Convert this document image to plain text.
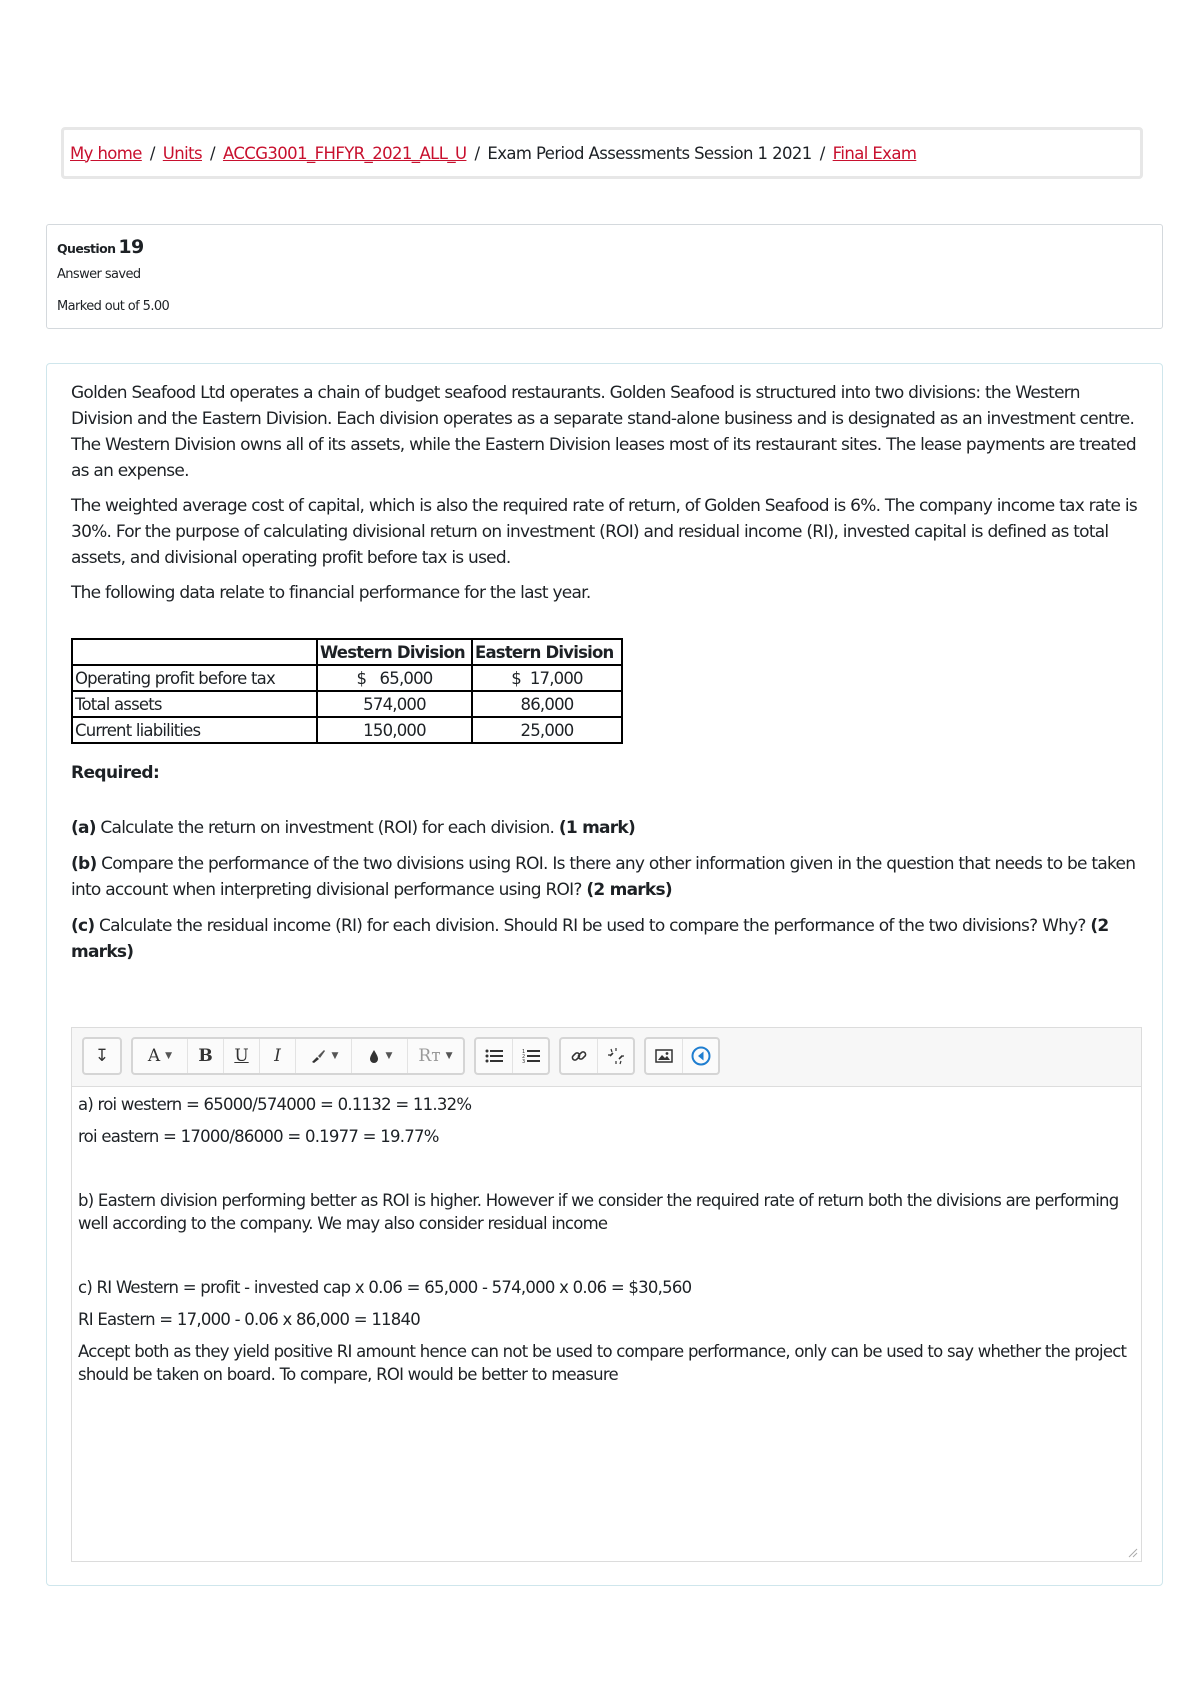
My home / Units / ACCG3001_FHFYR_2021_ALL_U / Exam Period Assessments Session 1 2021 / Final Exam
Question 19
Answer saved
Marked out of 5.00

Golden Seafood Ltd operates a chain of budget seafood restaurants. Golden Seafood is structured into two divisions: the Western Division and the Eastern Division. Each division operates as a separate stand-alone business and is designated as an investment centre. The Western Division owns all of its assets, while the Eastern Division leases most of its restaurant sites. The lease payments are treated as an expense.

The weighted average cost of capital, which is also the required rate of return, of Golden Seafood is 6%. The company income tax rate is 30%. For the purpose of calculating divisional return on investment (ROI) and residual income (RI), invested capital is defined as total assets, and divisional operating profit before tax is used.

The following data relate to financial performance for the last year.

	Western Division	Eastern Division
Operating profit before tax	$   65,000	$  17,000
Total assets	574,000	86,000
Current liabilities	150,000	25,000
Required:

(a) Calculate the return on investment (ROI) for each division. (1 mark)

(b) Compare the performance of the two divisions using ROI. Is there any other information given in the question that needs to be taken into account when interpreting divisional performance using ROI? (2 marks)

(c) Calculate the residual income (RI) for each division. Should RI be used to compare the performance of the two divisions? Why? (2 marks)

↧ A ▼ B U I	▼	▼ Rᴛ ▼	1
2
3

a) roi western = 65000/574000 = 0.1132 = 11.32%

roi eastern = 17000/86000 = 0.1977 = 19.77%

b) Eastern division performing better as ROI is higher. However if we consider the required rate of return both the divisions are performing well according to the company. We may also consider residual income

c) RI Western = profit - invested cap x 0.06 = 65,000 - 574,000 x 0.06 = $30,560

RI Eastern = 17,000 - 0.06 x 86,000 = 11840

Accept both as they yield positive RI amount hence can not be used to compare performance, only can be used to say whether the project should be taken on board. To compare, ROI would be better to measure
